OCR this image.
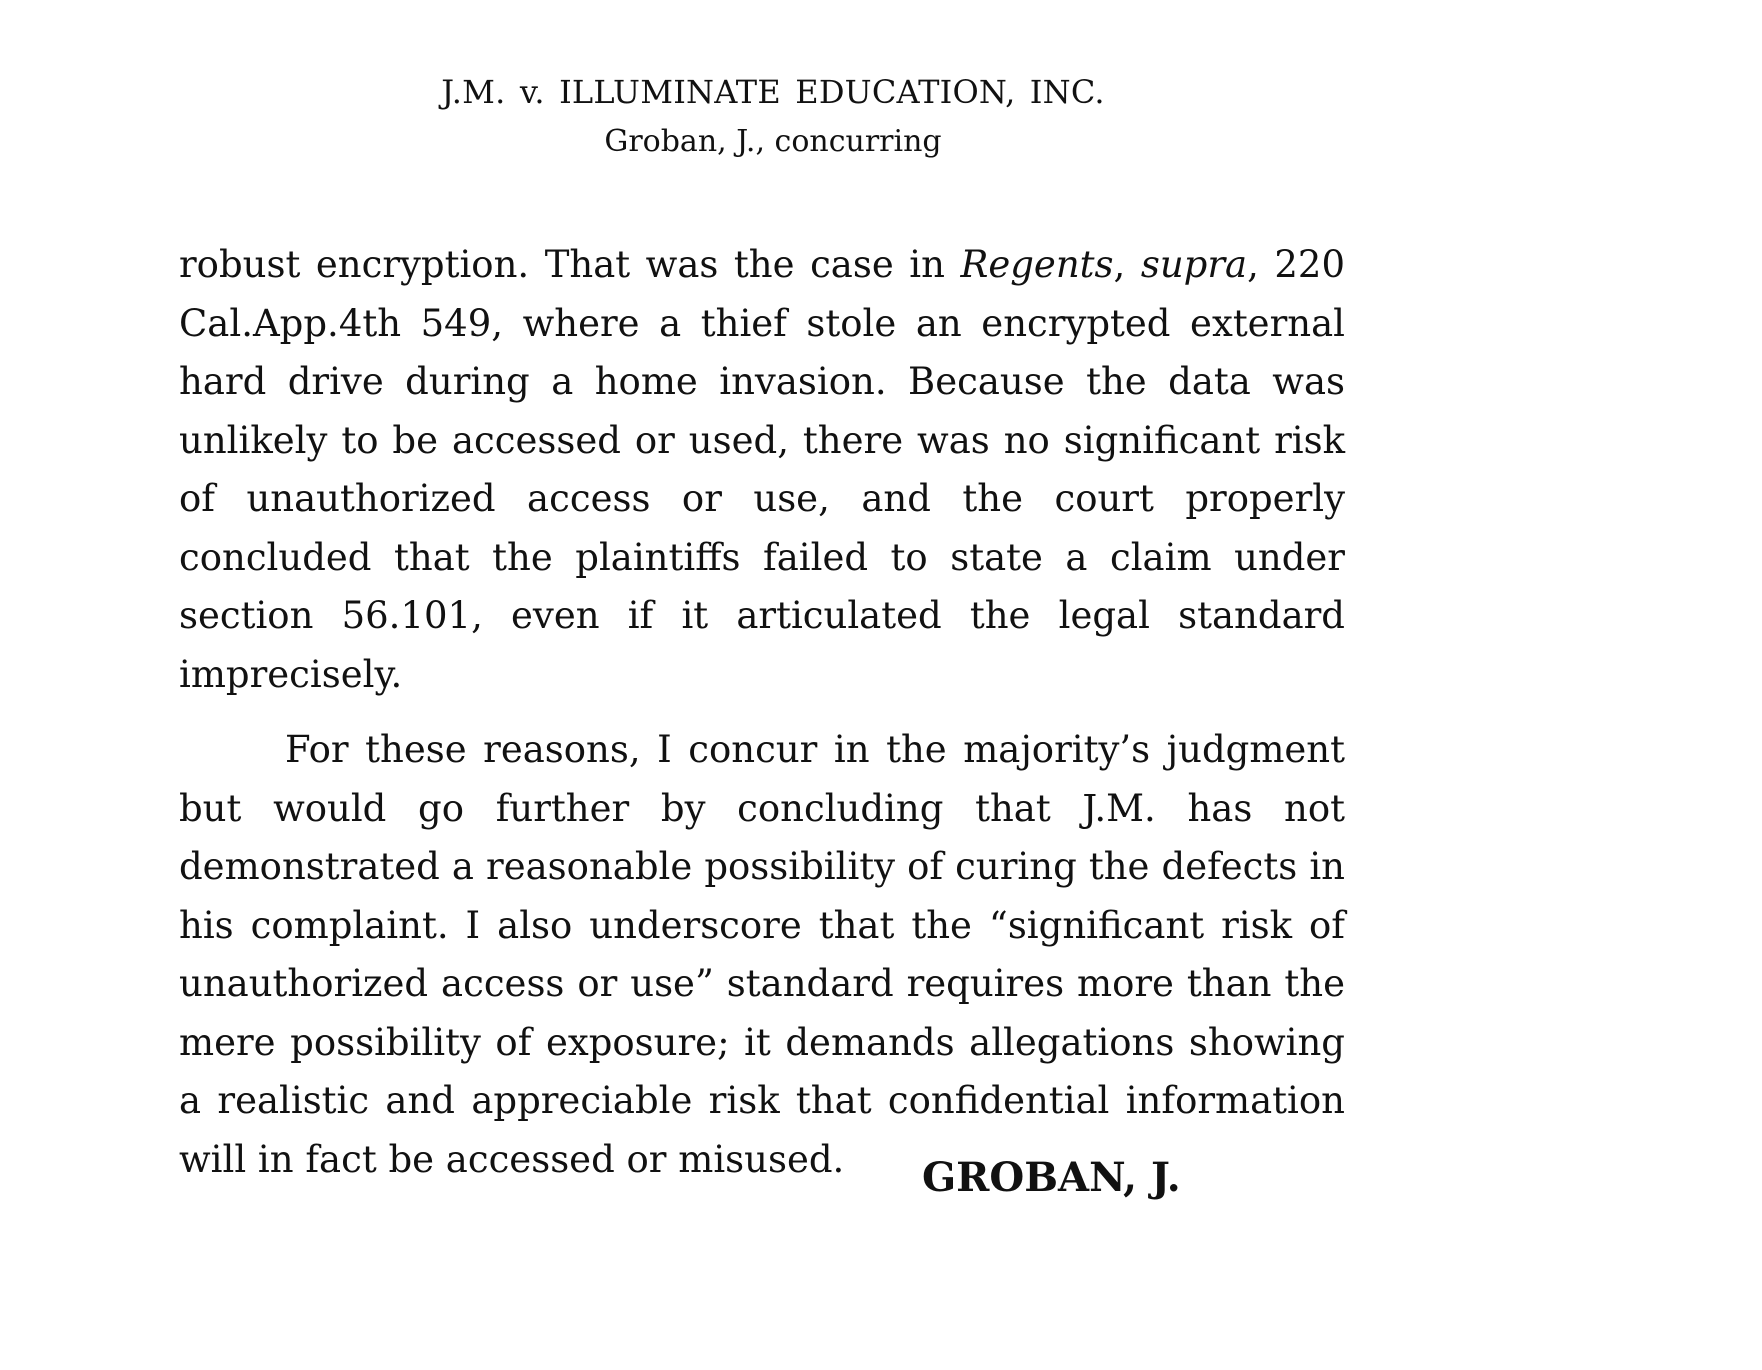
J.M. v. ILLUMINATE EDUCATION, INC.
Groban, J., concurring

robust encryption. That was the case in Regents, supra, 220 Cal.App.4th 549, where a thief stole an encrypted external hard drive during a home invasion. Because the data was unlikely to be accessed or used, there was no significant risk of unauthorized access or use, and the court properly concluded that the plaintiffs failed to state a claim under section 56.101, even if it articulated the legal standard imprecisely.

For these reasons, I concur in the majority’s judgment but would go further by concluding that J.M. has not demonstrated a reasonable possibility of curing the defects in his complaint. I also underscore that the “significant risk of unauthorized access or use” standard requires more than the mere possibility of exposure; it demands allegations showing a realistic and appreciable risk that confidential information will in fact be accessed or misused.	GROBAN, J.
